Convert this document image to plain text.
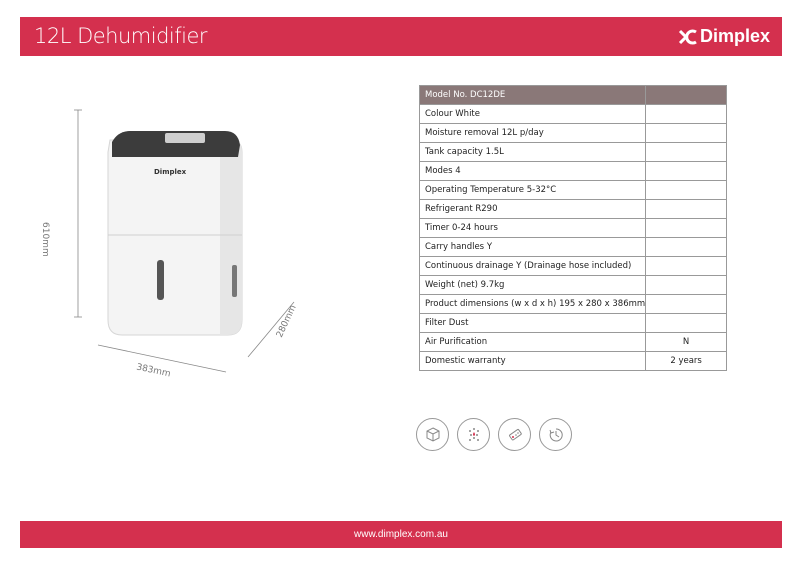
12L Dehumidifier	Dimplex
Dimplex
610mm
383mm
280mm
Model No. DC12DE	
Colour White	
Moisture removal 12L p/day	
Tank capacity 1.5L	
Modes 4	
Operating Temperature 5-32°C	
Refrigerant R290	
Timer 0-24 hours	
Carry handles Y	
Continuous drainage Y (Drainage hose included)	
Weight (net) 9.7kg	
Product dimensions (w x d x h) 195 x 280 x 386mm	
Filter Dust	
Air Purification	N
Domestic warranty	2 years
www.dimplex.com.au
